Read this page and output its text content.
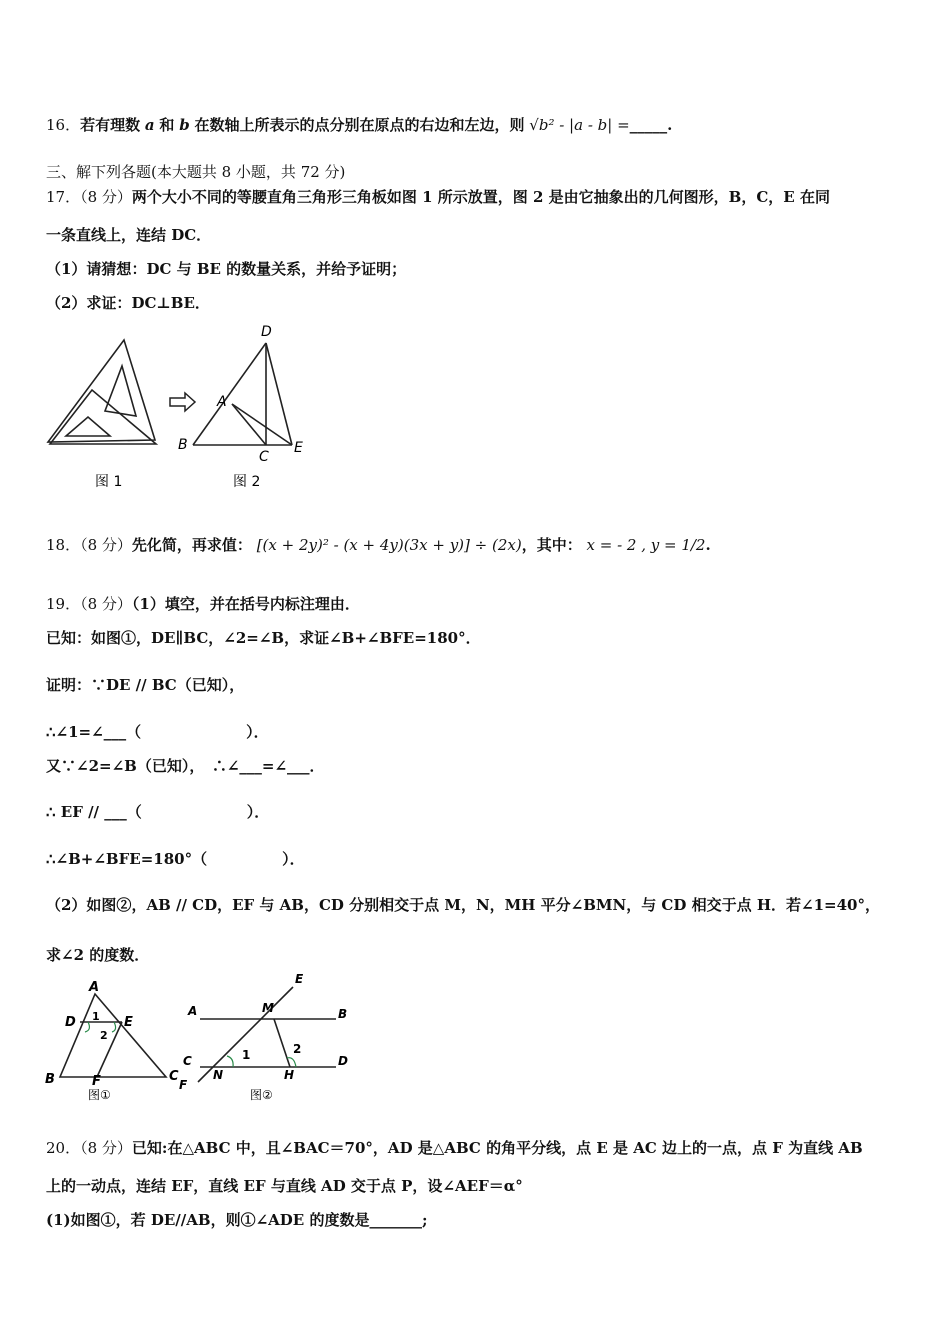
16．若有理数 a 和 b 在数轴上所表示的点分别在原点的右边和左边，则 √b² - |a - b| =_____.
三、解下列各题(本大题共 8 小题，共 72 分)
17．（8 分）两个大小不同的等腰直角三角形三角板如图 1 所示放置，图 2 是由它抽象出的几何图形，B，C，E 在同
一条直线上，连结 DC．
（1）请猜想：DC 与 BE 的数量关系，并给予证明；
（2）求证：DC⊥BE．
D
A
B
C
E
图 1	图 2
18．（8 分）先化简，再求值： [(x + 2y)² - (x + 4y)(3x + y)] ÷ (2x)，其中： x = - 2 , y = 1/2.
19．（8 分）（1）填空，并在括号内标注理由．
已知：如图①，DE∥BC，∠2=∠B，求证∠B+∠BFE=180°．
证明：∵DE // BC（已知），
∴∠1=∠___（　　　　　　　）．
又∵∠2=∠B（已知），　∴∠___=∠___．
∴ EF // ___（　　　　　　　）．
∴∠B+∠BFE=180°（　　　　　）．
（2）如图②，AB // CD，EF 与 AB，CD 分别相交于点 M，N，MH 平分∠BMN，与 CD 相交于点 H．若∠1=40°，
求∠2 的度数．
A
D	E
1
2
B	F	C
图①
E
A	M	B
1	2
C	D
N	H
F
图②
20．（8 分）已知:在△ABC 中，且∠BAC＝70°，AD 是△ABC 的角平分线，点 E 是 AC 边上的一点，点 F 为直线 AB
上的一动点，连结 EF，直线 EF 与直线 AD 交于点 P，设∠AEF＝α°
(1)如图①，若 DE//AB，则①∠ADE 的度数是_______;
